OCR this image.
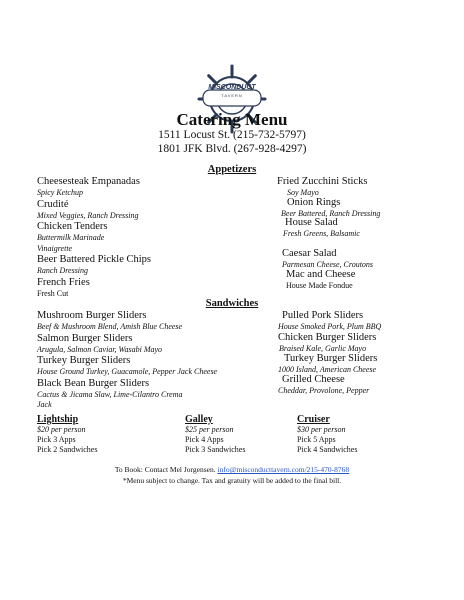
MISCONDUCT
TAVERN
Catering Menu
1511 Locust St. (215-732-5797)
1801 JFK Blvd. (267-928-4297)
Appetizers
Cheesesteak Empanadas
Spicy Ketchup
Crudité
Mixed Veggies, Ranch Dressing
Chicken Tenders
Buttermilk Marinade
Vinaigrette
Beer Battered Pickle Chips
Ranch Dressing
French Fries
Fresh Cut
Fried Zucchini Sticks
Soy Mayo
Onion Rings
Beer Battered, Ranch Dressing
House Salad
Fresh Greens, Balsamic
Caesar Salad
Parmesan Cheese, Croutons
Mac and Cheese
House Made Fondue
Sandwiches
Mushroom Burger Sliders
Beef & Mushroom Blend, Amish Blue Cheese
Salmon Burger Sliders
Arugula, Salmon Caviar, Wasabi Mayo
Turkey Burger Sliders
House Ground Turkey, Guacamole, Pepper Jack Cheese
Black Bean Burger Sliders
Cactus & Jicama Slaw, Lime-Cilantro Crema
Jack
Pulled Pork Sliders
House Smoked Pork, Plum BBQ
Chicken Burger Sliders
Braised Kale, Garlic Mayo
Turkey Burger Sliders
1000 Island, American Cheese
Grilled Cheese
Cheddar, Provolone, Pepper
Lightship
$20 per person
Pick 3 Apps
Pick 2 Sandwiches
Galley
$25 per person
Pick 4 Apps
Pick 3 Sandwiches
Cruiser
$30 per person
Pick 5 Apps
Pick 4 Sandwiches
To Book: Contact Mel Jorgensen. info@misconducttavern.com/215-470-8768
*Menu subject to change. Tax and gratuity will be added to the final bill.
